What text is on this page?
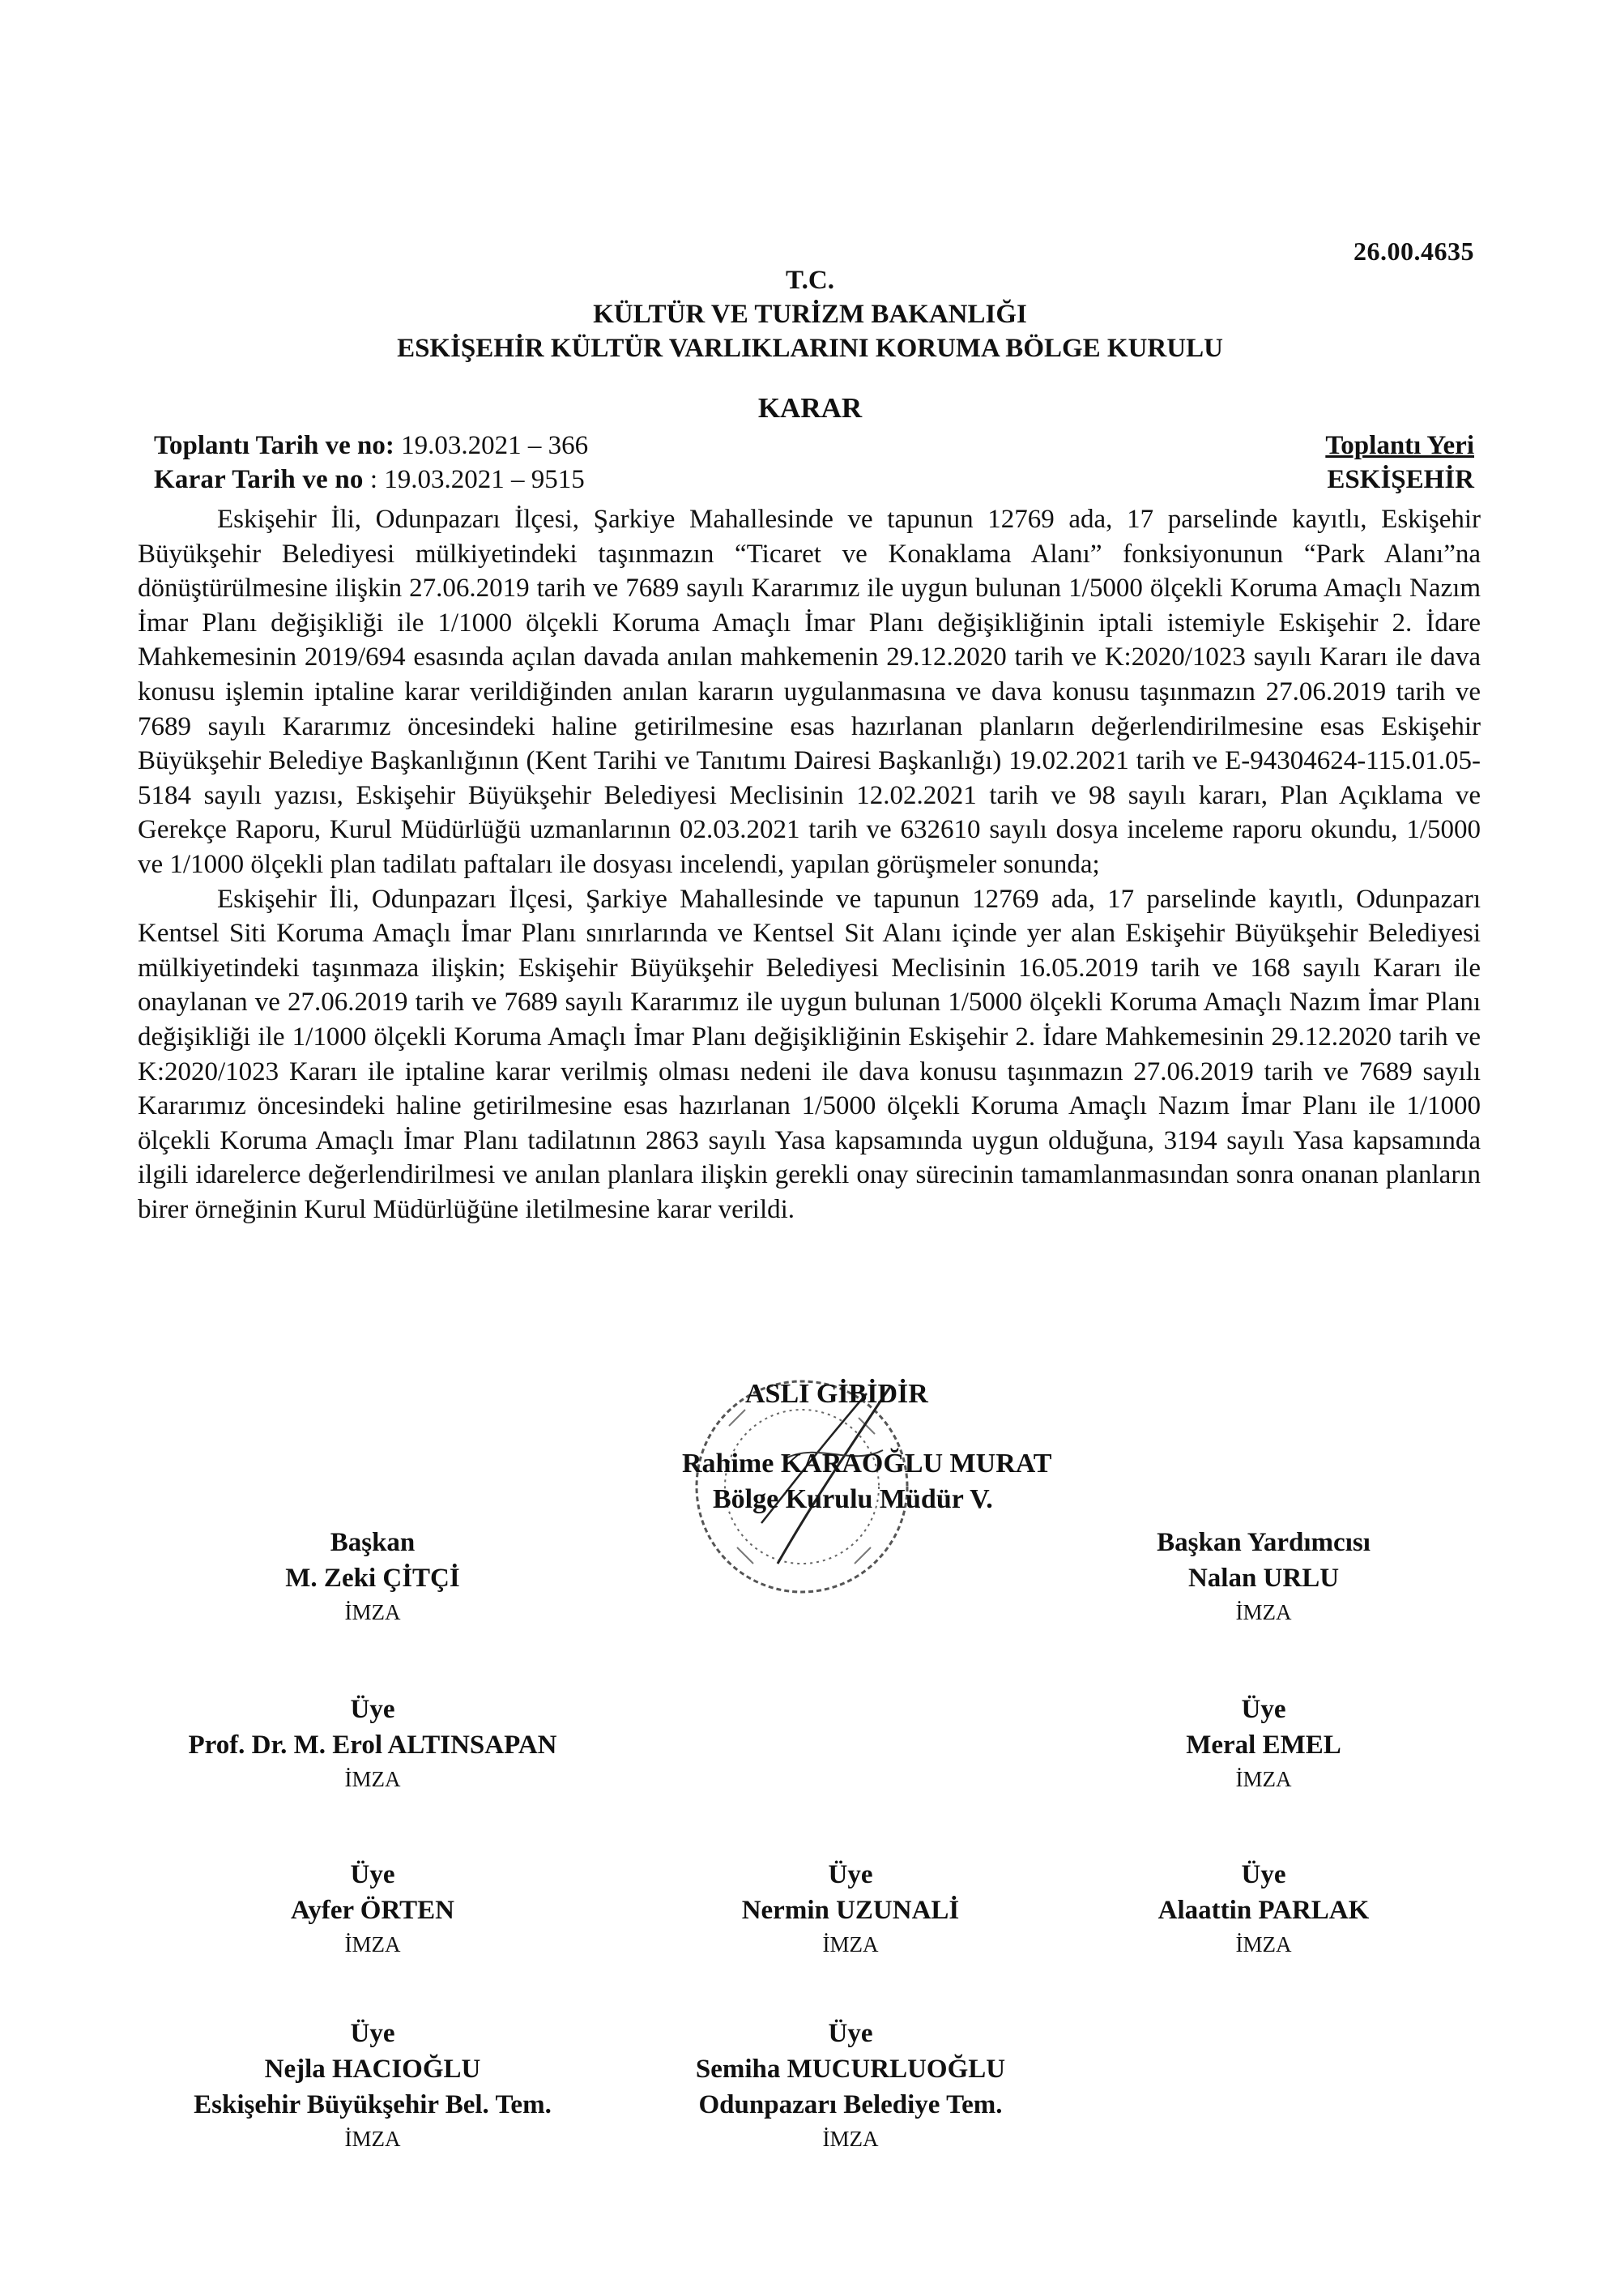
26.00.4635
T.C.
KÜLTÜR VE TURİZM BAKANLIĞI
ESKİŞEHİR KÜLTÜR VARLIKLARINI KORUMA BÖLGE KURULU
KARAR
Toplantı Tarih ve no: 19.03.2021 – 366
Karar Tarih ve no : 19.03.2021 – 9515
Toplantı Yeri
ESKİŞEHİR

Eskişehir İli, Odunpazarı İlçesi, Şarkiye Mahallesinde ve tapunun 12769 ada, 17 parselinde kayıtlı, Eskişehir Büyükşehir Belediyesi mülkiyetindeki taşınmazın “Ticaret ve Konaklama Alanı” fonksiyonunun “Park Alanı”na dönüştürülmesine ilişkin 27.06.2019 tarih ve 7689 sayılı Kararımız ile uygun bulunan 1/5000 ölçekli Koruma Amaçlı Nazım İmar Planı değişikliği ile 1/1000 ölçekli Koruma Amaçlı İmar Planı değişikliğinin iptali istemiyle Eskişehir 2. İdare Mahkemesinin 2019/694 esasında açılan davada anılan mahkemenin 29.12.2020 tarih ve K:2020/1023 sayılı Kararı ile dava konusu işlemin iptaline karar verildiğinden anılan kararın uygulanmasına ve dava konusu taşınmazın 27.06.2019 tarih ve 7689 sayılı Kararımız öncesindeki haline getirilmesine esas hazırlanan planların değerlendirilmesine esas Eskişehir Büyükşehir Belediye Başkanlığının (Kent Tarihi ve Tanıtımı Dairesi Başkanlığı) 19.02.2021 tarih ve E-94304624-115.01.05-5184 sayılı yazısı, Eskişehir Büyükşehir Belediyesi Meclisinin 12.02.2021 tarih ve 98 sayılı kararı, Plan Açıklama ve Gerekçe Raporu, Kurul Müdürlüğü uzmanlarının 02.03.2021 tarih ve 632610 sayılı dosya inceleme raporu okundu, 1/5000 ve 1/1000 ölçekli plan tadilatı paftaları ile dosyası incelendi, yapılan görüşmeler sonunda;

Eskişehir İli, Odunpazarı İlçesi, Şarkiye Mahallesinde ve tapunun 12769 ada, 17 parselinde kayıtlı, Odunpazarı Kentsel Siti Koruma Amaçlı İmar Planı sınırlarında ve Kentsel Sit Alanı içinde yer alan Eskişehir Büyükşehir Belediyesi mülkiyetindeki taşınmaza ilişkin; Eskişehir Büyükşehir Belediyesi Meclisinin 16.05.2019 tarih ve 168 sayılı Kararı ile onaylanan ve 27.06.2019 tarih ve 7689 sayılı Kararımız ile uygun bulunan 1/5000 ölçekli Koruma Amaçlı Nazım İmar Planı değişikliği ile 1/1000 ölçekli Koruma Amaçlı İmar Planı değişikliğinin Eskişehir 2. İdare Mahkemesinin 29.12.2020 tarih ve K:2020/1023 Kararı ile iptaline karar verilmiş olması nedeni ile dava konusu taşınmazın 27.06.2019 tarih ve 7689 sayılı Kararımız öncesindeki haline getirilmesine esas hazırlanan 1/5000 ölçekli Koruma Amaçlı Nazım İmar Planı ile 1/1000 ölçekli Koruma Amaçlı İmar Planı tadilatının 2863 sayılı Yasa kapsamında uygun olduğuna, 3194 sayılı Yasa kapsamında ilgili idarelerce değerlendirilmesi ve anılan planlara ilişkin gerekli onay sürecinin tamamlanmasından sonra onanan planların birer örneğinin Kurul Müdürlüğüne iletilmesine karar verildi.

ASLI GİBİDİR
Rahime KARAOĞLU MURAT
Bölge Kurulu Müdür V.
Başkan
M. Zeki ÇİTÇİ
İMZA
Başkan Yardımcısı
Nalan URLU
İMZA
Üye
Prof. Dr. M. Erol ALTINSAPAN
İMZA
Üye
Meral EMEL
İMZA
Üye
Ayfer ÖRTEN
İMZA
Üye
Nermin UZUNALİ
İMZA
Üye
Alaattin PARLAK
İMZA
Üye
Nejla HACIOĞLU
Eskişehir Büyükşehir Bel. Tem.
İMZA
Üye
Semiha MUCURLUOĞLU
Odunpazarı Belediye Tem.
İMZA
